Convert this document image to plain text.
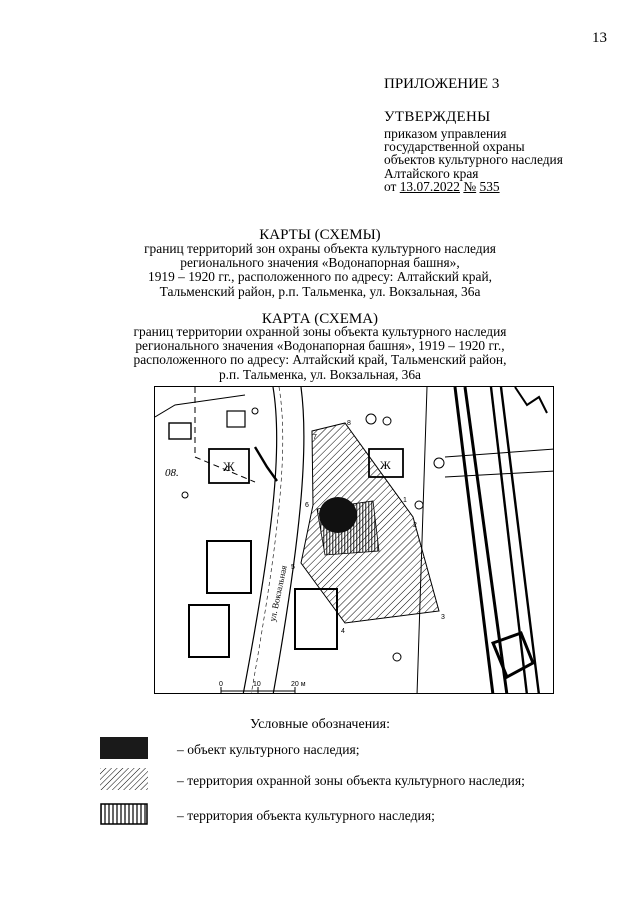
13
ПРИЛОЖЕНИЕ 3
УТВЕРЖДЕНЫ
приказом управления
государственной охраны
объектов культурного наследия
Алтайского края
от 13.07.2022 № 535
КАРТЫ (СХЕМЫ)
границ территорий зон охраны объекта культурного наследия
регионального значения «Водонапорная башня»,
1919 – 1920 гг., расположенного по адресу: Алтайский край,
Тальменский район, р.п. Тальменка, ул. Вокзальная, 36а
КАРТА (СХЕМА)
границ территории охранной зоны объекта культурного наследия
регионального значения «Водонапорная башня», 1919 – 1920 гг.,
расположенного по адресу: Алтайский край, Тальменский район,
р.п. Тальменка, ул. Вокзальная, 36а
ул. Вокзальная
Ж
08.
8
7
2
3
4
5
6
1
Ж
0	10	20 м
Условные обозначения:
– объект культурного наследия;
– территория охранной зоны объекта культурного наследия;
– территория объекта культурного наследия;
